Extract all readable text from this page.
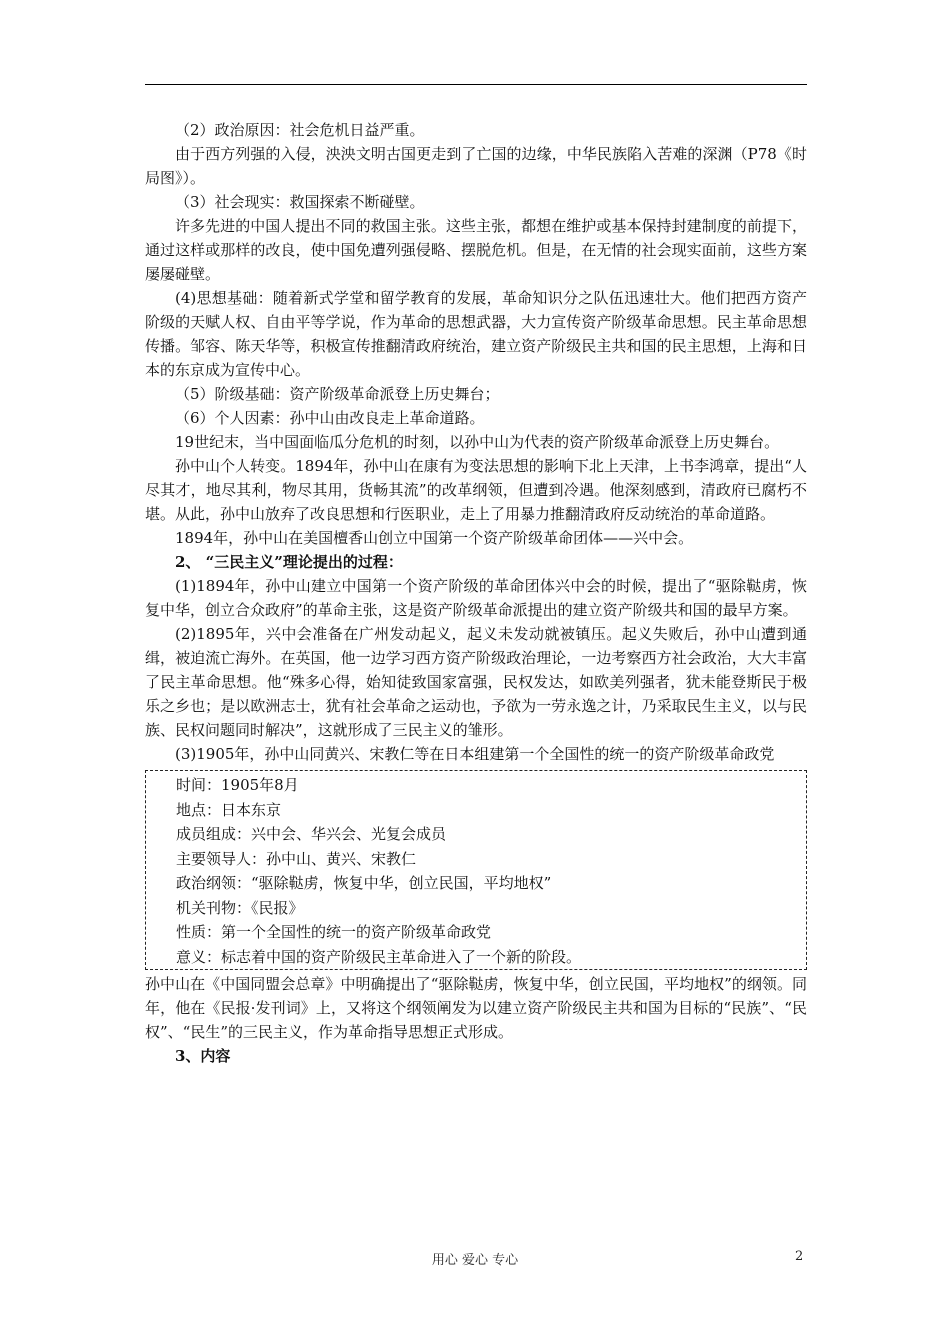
（2）政治原因：社会危机日益严重。

由于西方列强的入侵，泱泱文明古国更走到了亡国的边缘，中华民族陷入苦难的深渊（P78《时局图》）。

（3）社会现实：救国探索不断碰壁。

许多先进的中国人提出不同的救国主张。这些主张，都想在维护或基本保持封建制度的前提下，通过这样或那样的改良，使中国免遭列强侵略、摆脱危机。但是，在无情的社会现实面前，这些方案屡屡碰壁。

(4)思想基础：随着新式学堂和留学教育的发展，革命知识分之队伍迅速壮大。他们把西方资产阶级的天赋人权、自由平等学说，作为革命的思想武器，大力宣传资产阶级革命思想。民主革命思想传播。邹容、陈天华等，积极宣传推翻清政府统治，建立资产阶级民主共和国的民主思想，上海和日本的东京成为宣传中心。

（5）阶级基础：资产阶级革命派登上历史舞台；

（6）个人因素：孙中山由改良走上革命道路。

19世纪末，当中国面临瓜分危机的时刻，以孙中山为代表的资产阶级革命派登上历史舞台。

孙中山个人转变。1894年，孙中山在康有为变法思想的影响下北上天津，上书李鸿章，提出“人尽其才，地尽其利，物尽其用，货畅其流”的改革纲领，但遭到冷遇。他深刻感到，清政府已腐朽不堪。从此，孙中山放弃了改良思想和行医职业，走上了用暴力推翻清政府反动统治的革命道路。

1894年，孙中山在美国檀香山创立中国第一个资产阶级革命团体——兴中会。

2、 “三民主义”理论提出的过程：

(1)1894年，孙中山建立中国第一个资产阶级的革命团体兴中会的时候，提出了“驱除鞑虏，恢复中华，创立合众政府”的革命主张，这是资产阶级革命派提出的建立资产阶级共和国的最早方案。

(2)1895年，兴中会准备在广州发动起义，起义未发动就被镇压。起义失败后，孙中山遭到通缉，被迫流亡海外。在英国，他一边学习西方资产阶级政治理论，一边考察西方社会政治，大大丰富了民主革命思想。他“殊多心得，始知徒致国家富强，民权发达，如欧美列强者，犹未能登斯民于极乐之乡也；是以欧洲志士，犹有社会革命之运动也，予欲为一劳永逸之计，乃采取民生主义，以与民族、民权问题同时解决”，这就形成了三民主义的雏形。

(3)1905年，孙中山同黄兴、宋教仁等在日本组建第一个全国性的统一的资产阶级革命政党

时间：1905年8月
地点：日本东京
成员组成：兴中会、华兴会、光复会成员
主要领导人：孙中山、黄兴、宋教仁
政治纲领：“驱除鞑虏，恢复中华，创立民国，平均地权”
机关刊物：《民报》
性质：第一个全国性的统一的资产阶级革命政党
意义：标志着中国的资产阶级民主革命进入了一个新的阶段。

孙中山在《中国同盟会总章》中明确提出了“驱除鞑虏，恢复中华，创立民国，平均地权”的纲领。同年，他在《民报·发刊词》上，又将这个纲领阐发为以建立资产阶级民主共和国为目标的“民族”、“民权”、“民生”的三民主义，作为革命指导思想正式形成。

3、内容

用心 爱心 专心	2
